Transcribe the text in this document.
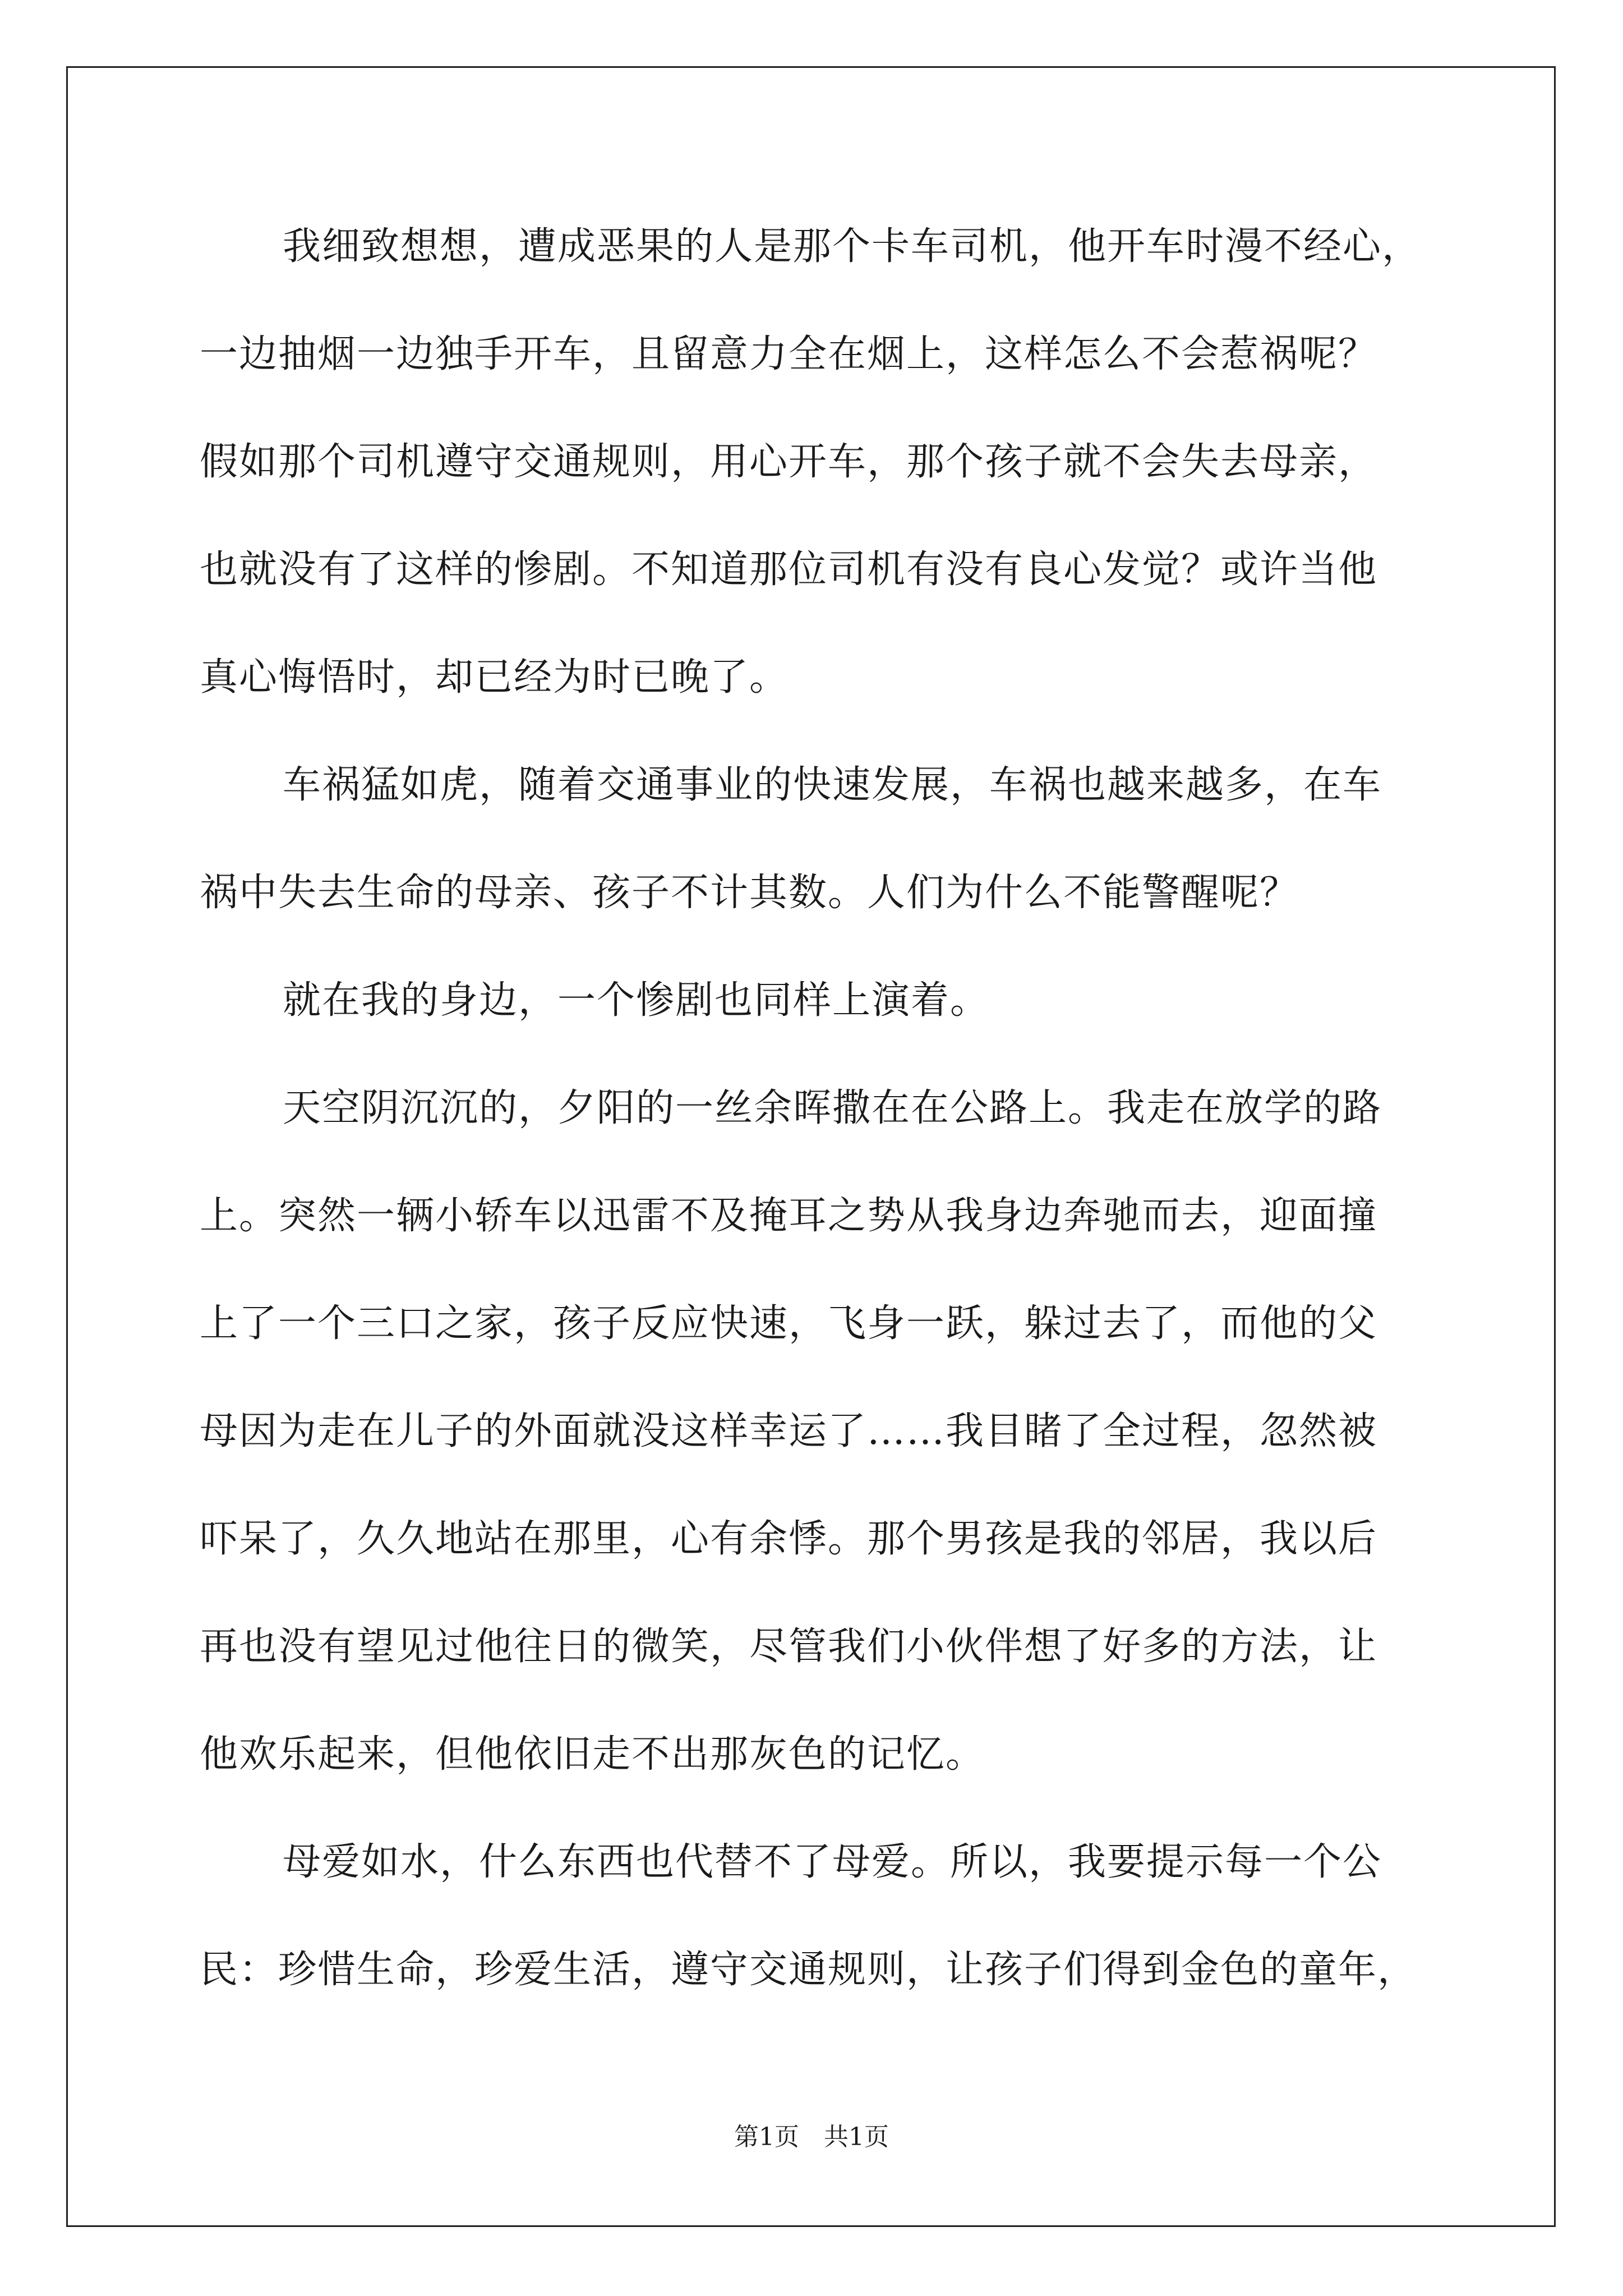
我细致想想，遭成恶果的人是那个卡车司机，他开车时漫不经心，
一边抽烟一边独手开车，且留意力全在烟上，这样怎么不会惹祸呢？
假如那个司机遵守交通规则，用心开车，那个孩子就不会失去母亲，
也就没有了这样的惨剧。不知道那位司机有没有良心发觉？或许当他
真心悔悟时，却已经为时已晚了。
车祸猛如虎，随着交通事业的快速发展，车祸也越来越多，在车
祸中失去生命的母亲、孩子不计其数。人们为什么不能警醒呢？
就在我的身边，一个惨剧也同样上演着。
天空阴沉沉的，夕阳的一丝余晖撒在在公路上。我走在放学的路
上。突然一辆小轿车以迅雷不及掩耳之势从我身边奔驰而去，迎面撞
上了一个三口之家，孩子反应快速，飞身一跃，躲过去了，而他的父
母因为走在儿子的外面就没这样幸运了……我目睹了全过程，忽然被
吓呆了，久久地站在那里，心有余悸。那个男孩是我的邻居，我以后
再也没有望见过他往日的微笑，尽管我们小伙伴想了好多的方法，让
他欢乐起来，但他依旧走不出那灰色的记忆。
母爱如水，什么东西也代替不了母爱。所以，我要提示每一个公
民：珍惜生命，珍爱生活，遵守交通规则，让孩子们得到金色的童年，
第1页　共1页
